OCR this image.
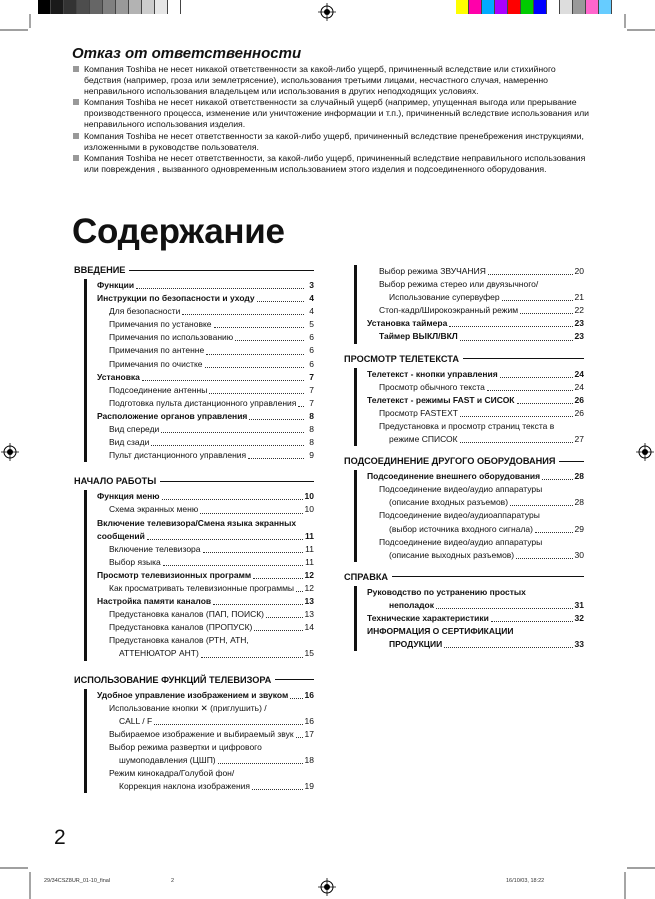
Отказ от ответственности

Компания Toshiba не несет никакой ответственности за какой-либо ущерб, причиненный вследствие или стихийного бедствия (например, гроза или землетрясение), использования третьими лицами, несчастного случая, намеренно неправильного использования владельцем или использования в других неподходящих условиях.

Компания Toshiba не несет никакой ответственности за случайный ущерб (например, упущенная выгода или прерывание производственного процесса, изменение или уничтожение информации и т.п.), причиненный вследствие использования или неправильного использования изделия.

Компания Toshiba не несет ответственности за какой-либо ущерб, причиненный вследствие пренебрежения инструкциями, изложенными в руководстве пользователя.

Компания Toshiba не несет ответственности, за какой-либо ущерб, причиненный вследствие неправильного использования или повреждения , вызванного одновременным использованием этого изделия и подсоединенного оборудования.

Содержание
ВВЕДЕНИЕ
Функции	3
Инструкции по безопасности и уходу	4
Для безопасности	4
Примечания по установке	5
Примечания по использованию	6
Примечания по антенне	6
Примечания по очистке	6
Установка	7
Подсоединение антенны	7
Подготовка пульта дистанционного управления	7
Расположение органов управления	8
Вид спереди	8
Вид сзади	8
Пульт дистанционного управления	9
НАЧАЛО РАБОТЫ
Функция меню	10
Схема экранных меню	10
Включение телевизора/Смена языка экранных
сообщений	11
Включение телевизора	11
Выбор языка	11
Просмотр телевизионных программ	12
Как просматривать телевизионные программы 12
Настройка памяти каналов	13
Предустановка каналов (ПАП, ПОИСК)	13
Предустановка каналов (ПРОПУСК)	14
Предустановка каналов (РТН, АТН,
АТТЕНЮАТОР АНТ)	15
ИСПОЛЬЗОВАНИЕ ФУНКЦИЙ ТЕЛЕВИЗОРА
Удобное управление изображением и звуком 16
Использование кнопки ✕ (приглушить) /
CALL / F	16
Выбираемое изображение и выбираемый звук 17
Выбор режима развертки и цифрового
шумоподавления (ЦШП)	18
Режим кинокадра/Голубой фон/
Коррекция наклона изображения	19
Выбор режима ЗВУЧАНИЯ	20
Выбор режима стерео или двуязычного/
Использование супервуфер	21
Стоп-кадр/Широкоэкранный режим	22
Установка таймера	23
Таймер ВЫКЛ/ВКЛ	23
ПРОСМОТР ТЕЛЕТЕКСТА
Телетекст - кнопки управления	24
Просмотр обычного текста	24
Телетекст - режимы FAST и СИСОК	26
Просмотр FASTEXT	26
Предустановка и просмотр страниц текста в
режиме СПИСОК	27
ПОДСОЕДИНЕНИЕ ДРУГОГО ОБОРУДОВАНИЯ
Подсоединение внешнего оборудования	28
Подсоединение видео/аудио аппаратуры
(описание входных разъемов)	28
Подсоединение видео/аудиоаппаратуры
(выбор источника входного сигнала)	29
Подсоединение видео/аудио аппаратуры
(описание выходных разъемов)	30
СПРАВКА
Руководство по устранению простых
неполадок	31
Технические характеристики	32
ИНФОРМАЦИЯ О СЕРТИФИКАЦИИ
ПРОДУКЦИИ	33
2
29/34CSZ8UR_01-10_final	2	16/10/03, 18:22
